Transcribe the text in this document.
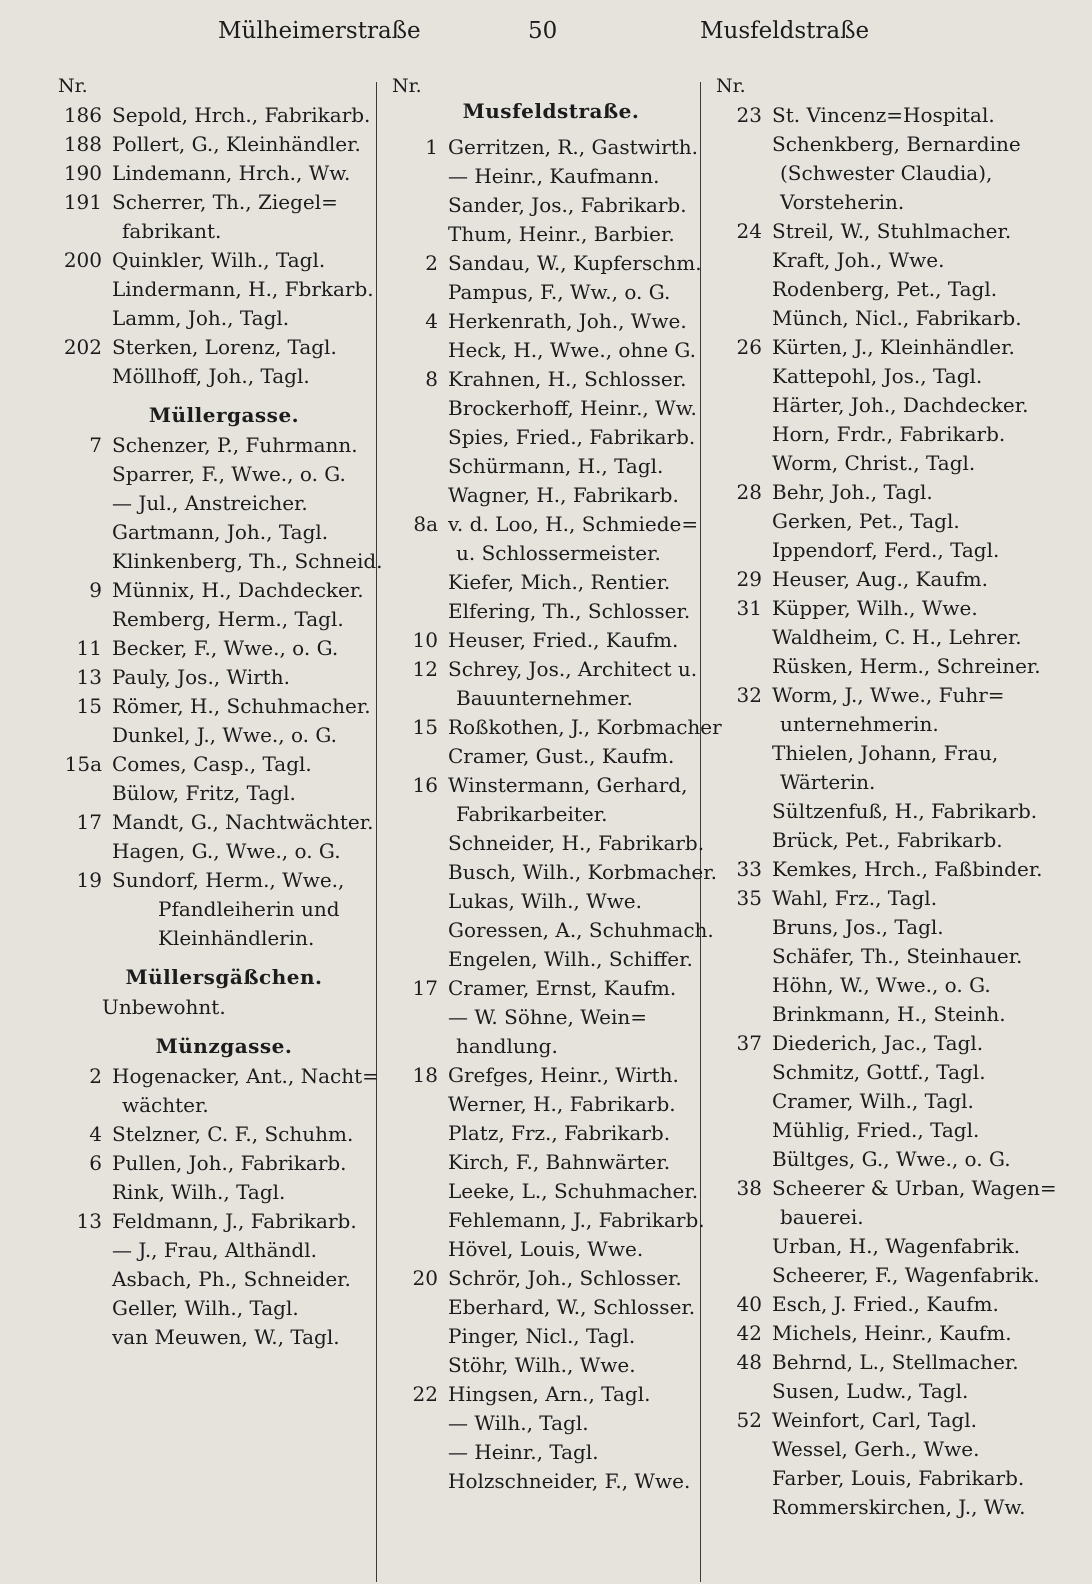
Mülheimerstraße	50	Musfeldstraße
Nr.
186 Sepold, Hrch., Fabrikarb.
188 Pollert, G., Kleinhändler.
190 Lindemann, Hrch., Ww.
191 Scherrer, Th., Ziegel=
fabrikant.
200 Quinkler, Wilh., Tagl.
Lindermann, H., Fbrkarb.
Lamm, Joh., Tagl.
202 Sterken, Lorenz, Tagl.
Möllhoff, Joh., Tagl.
Müllergasse.
7 Schenzer, P., Fuhrmann.
Sparrer, F., Wwe., o. G.
— Jul., Anstreicher.
Gartmann, Joh., Tagl.
Klinkenberg, Th., Schneid.
9 Münnix, H., Dachdecker.
Remberg, Herm., Tagl.
11 Becker, F., Wwe., o. G.
13 Pauly, Jos., Wirth.
15 Römer, H., Schuhmacher.
Dunkel, J., Wwe., o. G.
15a Comes, Casp., Tagl.
Bülow, Fritz, Tagl.
17 Mandt, G., Nachtwächter.
Hagen, G., Wwe., o. G.
19 Sundorf, Herm., Wwe.,
Pfandleiherin und
Kleinhändlerin.
Müllersgäßchen.
Unbewohnt.
Münzgasse.
2 Hogenacker, Ant., Nacht=
wächter.
4 Stelzner, C. F., Schuhm.
6 Pullen, Joh., Fabrikarb.
Rink, Wilh., Tagl.
13 Feldmann, J., Fabrikarb.
— J., Frau, Althändl.
Asbach, Ph., Schneider.
Geller, Wilh., Tagl.
van Meuwen, W., Tagl.
Nr.
Musfeldstraße.
1 Gerritzen, R., Gastwirth.
— Heinr., Kaufmann.
Sander, Jos., Fabrikarb.
Thum, Heinr., Barbier.
2 Sandau, W., Kupferschm.
Pampus, F., Ww., o. G.
4 Herkenrath, Joh., Wwe.
Heck, H., Wwe., ohne G.
8 Krahnen, H., Schlosser.
Brockerhoff, Heinr., Ww.
Spies, Fried., Fabrikarb.
Schürmann, H., Tagl.
Wagner, H., Fabrikarb.
8a v. d. Loo, H., Schmiede=
u. Schlossermeister.
Kiefer, Mich., Rentier.
Elfering, Th., Schlosser.
10 Heuser, Fried., Kaufm.
12 Schrey, Jos., Architect u.
Bauunternehmer.
15 Roßkothen, J., Korbmacher
Cramer, Gust., Kaufm.
16 Winstermann, Gerhard,
Fabrikarbeiter.
Schneider, H., Fabrikarb.
Busch, Wilh., Korbmacher.
Lukas, Wilh., Wwe.
Goressen, A., Schuhmach.
Engelen, Wilh., Schiffer.
17 Cramer, Ernst, Kaufm.
— W. Söhne, Wein=
handlung.
18 Grefges, Heinr., Wirth.
Werner, H., Fabrikarb.
Platz, Frz., Fabrikarb.
Kirch, F., Bahnwärter.
Leeke, L., Schuhmacher.
Fehlemann, J., Fabrikarb.
Hövel, Louis, Wwe.
20 Schrör, Joh., Schlosser.
Eberhard, W., Schlosser.
Pinger, Nicl., Tagl.
Stöhr, Wilh., Wwe.
22 Hingsen, Arn., Tagl.
— Wilh., Tagl.
— Heinr., Tagl.
Holzschneider, F., Wwe.
Nr.
23 St. Vincenz=Hospital.
Schenkberg, Bernardine
(Schwester Claudia),
Vorsteherin.
24 Streil, W., Stuhlmacher.
Kraft, Joh., Wwe.
Rodenberg, Pet., Tagl.
Münch, Nicl., Fabrikarb.
26 Kürten, J., Kleinhändler.
Kattepohl, Jos., Tagl.
Härter, Joh., Dachdecker.
Horn, Frdr., Fabrikarb.
Worm, Christ., Tagl.
28 Behr, Joh., Tagl.
Gerken, Pet., Tagl.
Ippendorf, Ferd., Tagl.
29 Heuser, Aug., Kaufm.
31 Küpper, Wilh., Wwe.
Waldheim, C. H., Lehrer.
Rüsken, Herm., Schreiner.
32 Worm, J., Wwe., Fuhr=
unternehmerin.
Thielen, Johann, Frau,
Wärterin.
Sültzenfuß, H., Fabrikarb.
Brück, Pet., Fabrikarb.
33 Kemkes, Hrch., Faßbinder.
35 Wahl, Frz., Tagl.
Bruns, Jos., Tagl.
Schäfer, Th., Steinhauer.
Höhn, W., Wwe., o. G.
Brinkmann, H., Steinh.
37 Diederich, Jac., Tagl.
Schmitz, Gottf., Tagl.
Cramer, Wilh., Tagl.
Mühlig, Fried., Tagl.
Bültges, G., Wwe., o. G.
38 Scheerer & Urban, Wagen=
bauerei.
Urban, H., Wagenfabrik.
Scheerer, F., Wagenfabrik.
40 Esch, J. Fried., Kaufm.
42 Michels, Heinr., Kaufm.
48 Behrnd, L., Stellmacher.
Susen, Ludw., Tagl.
52 Weinfort, Carl, Tagl.
Wessel, Gerh., Wwe.
Farber, Louis, Fabrikarb.
Rommerskirchen, J., Ww.
